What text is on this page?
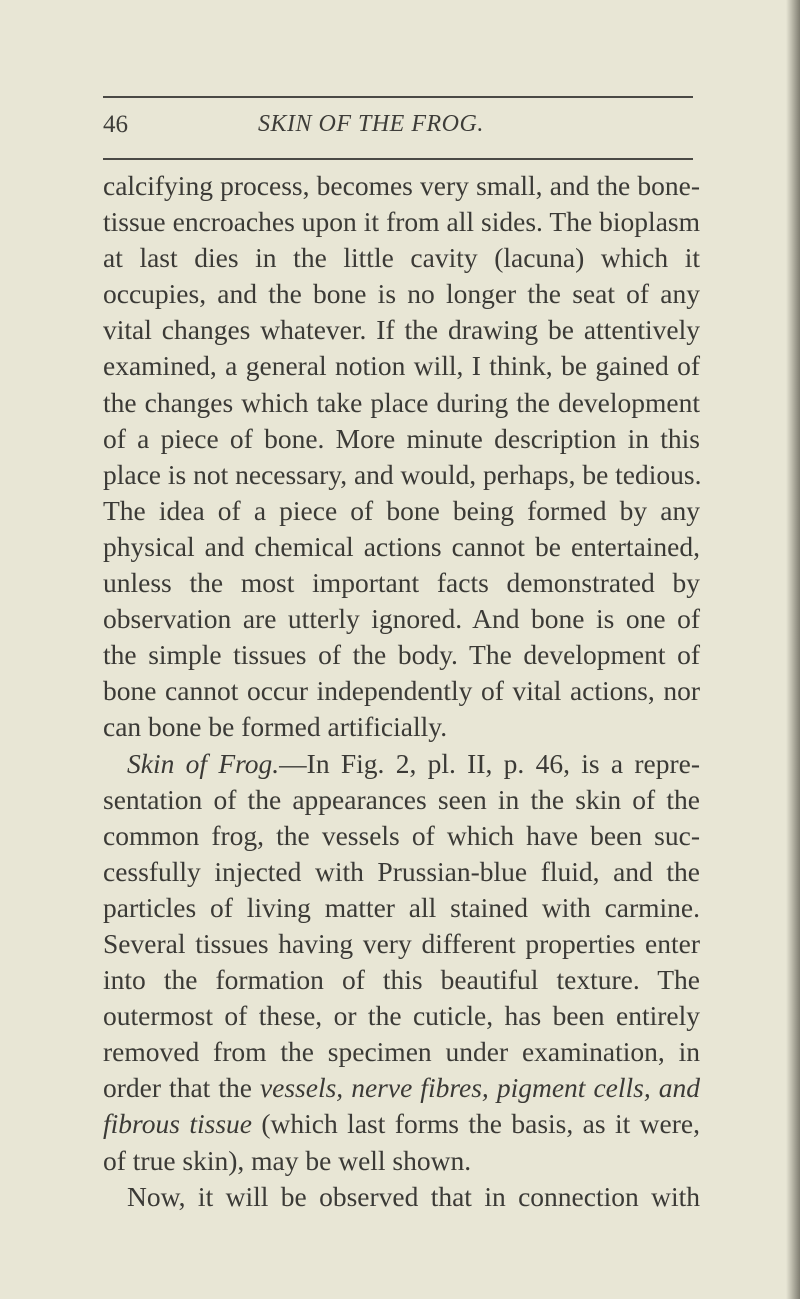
46	SKIN OF THE FROG.
calcifying process, becomes very small, and the bone-
tissue encroaches upon it from all sides. The bioplasm
at last dies in the little cavity (lacuna) which it
occupies, and the bone is no longer the seat of any
vital changes whatever. If the drawing be attentively
examined, a general notion will, I think, be gained of
the changes which take place during the development
of a piece of bone. More minute description in this
place is not necessary, and would, perhaps, be tedious.
The idea of a piece of bone being formed by any
physical and chemical actions cannot be entertained,
unless the most important facts demonstrated by
observation are utterly ignored. And bone is one of
the simple tissues of the body. The development of
bone cannot occur independently of vital actions, nor
can bone be formed artificially.
Skin of Frog.—In Fig. 2, pl. II, p. 46, is a repre-
sentation of the appearances seen in the skin of the
common frog, the vessels of which have been suc-
cessfully injected with Prussian-blue fluid, and the
particles of living matter all stained with carmine.
Several tissues having very different properties enter
into the formation of this beautiful texture. The
outermost of these, or the cuticle, has been entirely
removed from the specimen under examination, in
order that the vessels, nerve fibres, pigment cells, and
fibrous tissue (which last forms the basis, as it were,
of true skin), may be well shown.
Now, it will be observed that in connection with
